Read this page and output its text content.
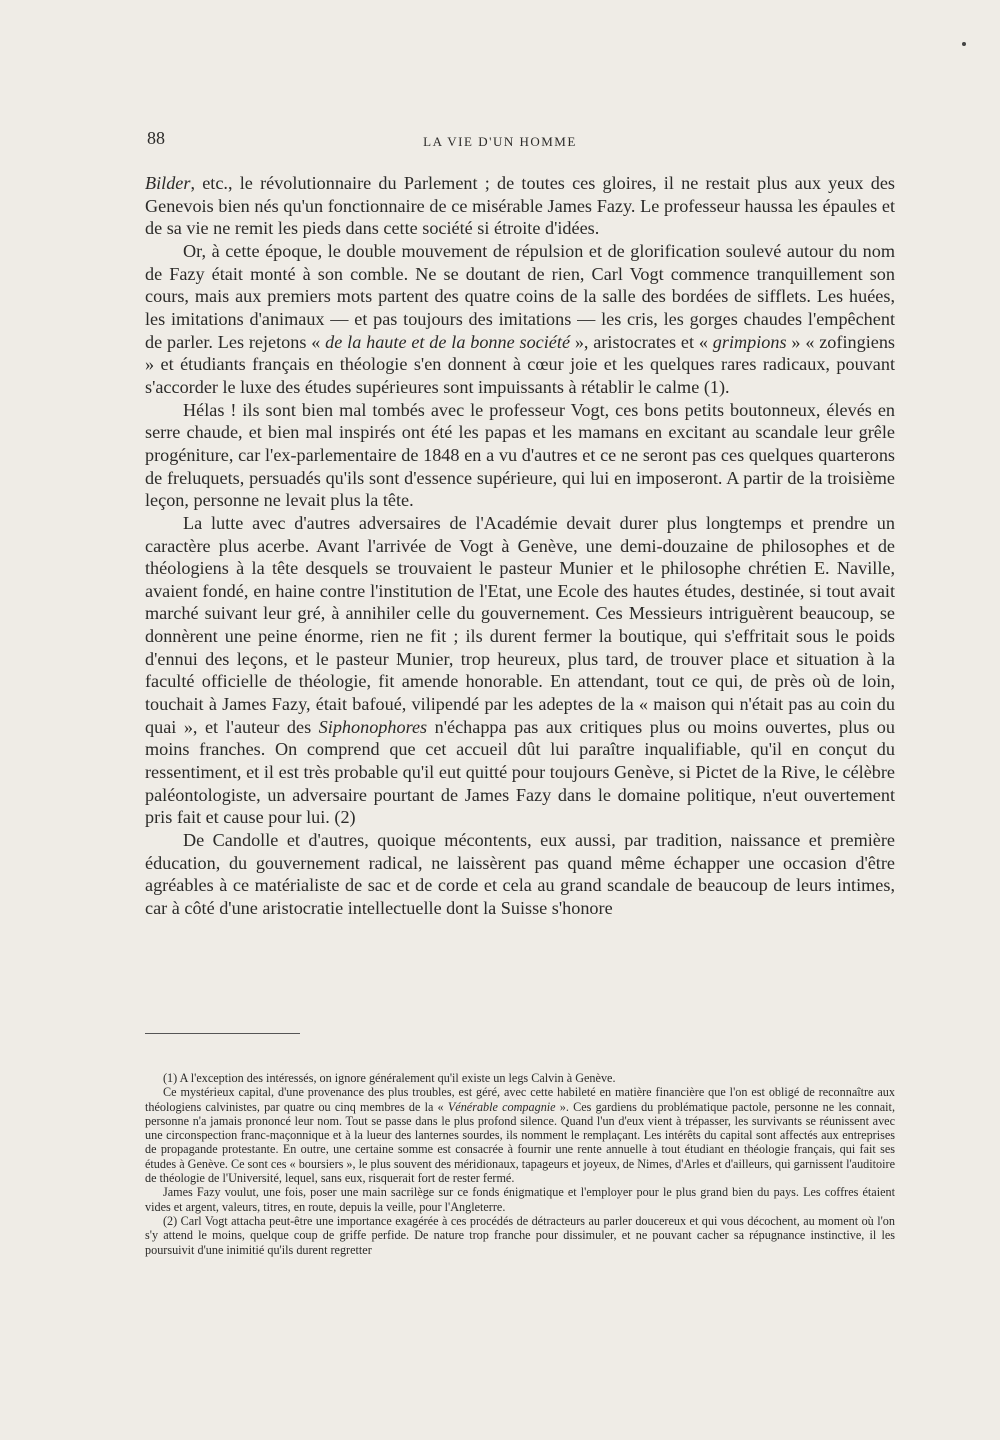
88	LA VIE D'UN HOMME

Bilder, etc., le révolutionnaire du Parlement ; de toutes ces gloires, il ne restait plus aux yeux des Genevois bien nés qu'un fonctionnaire de ce misérable James Fazy. Le professeur haussa les épaules et de sa vie ne remit les pieds dans cette société si étroite d'idées.

Or, à cette époque, le double mouvement de répulsion et de glorification soulevé autour du nom de Fazy était monté à son comble. Ne se doutant de rien, Carl Vogt commence tranquillement son cours, mais aux premiers mots partent des quatre coins de la salle des bordées de sifflets. Les huées, les imitations d'animaux — et pas toujours des imitations — les cris, les gorges chaudes l'empêchent de parler. Les rejetons « de la haute et de la bonne société », aristocrates et « grimpions » « zofingiens » et étudiants français en théologie s'en donnent à cœur joie et les quelques rares radicaux, pouvant s'accorder le luxe des études supérieures sont impuissants à rétablir le calme (1).

Hélas ! ils sont bien mal tombés avec le professeur Vogt, ces bons petits boutonneux, élevés en serre chaude, et bien mal inspirés ont été les papas et les mamans en excitant au scandale leur grêle progéniture, car l'ex-parlementaire de 1848 en a vu d'autres et ce ne seront pas ces quelques quarterons de freluquets, persuadés qu'ils sont d'essence supérieure, qui lui en imposeront. A partir de la troisième leçon, personne ne levait plus la tête.

La lutte avec d'autres adversaires de l'Académie devait durer plus longtemps et prendre un caractère plus acerbe. Avant l'arrivée de Vogt à Genève, une demi-douzaine de philosophes et de théologiens à la tête desquels se trouvaient le pasteur Munier et le philosophe chrétien E. Naville, avaient fondé, en haine contre l'institution de l'Etat, une Ecole des hautes études, destinée, si tout avait marché suivant leur gré, à annihiler celle du gouvernement. Ces Messieurs intriguèrent beaucoup, se donnèrent une peine énorme, rien ne fit ; ils durent fermer la boutique, qui s'effritait sous le poids d'ennui des leçons, et le pasteur Munier, trop heureux, plus tard, de trouver place et situation à la faculté officielle de théologie, fit amende honorable. En attendant, tout ce qui, de près où de loin, touchait à James Fazy, était bafoué, vilipendé par les adeptes de la « maison qui n'était pas au coin du quai », et l'auteur des Siphonophores n'échappa pas aux critiques plus ou moins ouvertes, plus ou moins franches. On comprend que cet accueil dût lui paraître inqualifiable, qu'il en conçut du ressentiment, et il est très probable qu'il eut quitté pour toujours Genève, si Pictet de la Rive, le célèbre paléontologiste, un adversaire pourtant de James Fazy dans le domaine politique, n'eut ouvertement pris fait et cause pour lui. (2)

De Candolle et d'autres, quoique mécontents, eux aussi, par tradition, naissance et première éducation, du gouvernement radical, ne laissèrent pas quand même échapper une occasion d'être agréables à ce matérialiste de sac et de corde et cela au grand scandale de beaucoup de leurs intimes, car à côté d'une aristocratie intellectuelle dont la Suisse s'honore

(1) A l'exception des intéressés, on ignore généralement qu'il existe un legs Calvin à Genève.

Ce mystérieux capital, d'une provenance des plus troubles, est géré, avec cette habileté en matière financière que l'on est obligé de reconnaître aux théologiens calvinistes, par quatre ou cinq membres de la « Vénérable compagnie ». Ces gardiens du problématique pactole, personne ne les connait, personne n'a jamais prononcé leur nom. Tout se passe dans le plus profond silence. Quand l'un d'eux vient à trépasser, les survivants se réunissent avec une circonspection franc-maçonnique et à la lueur des lanternes sourdes, ils nomment le remplaçant. Les intérêts du capital sont affectés aux entreprises de propagande protestante. En outre, une certaine somme est consacrée à fournir une rente annuelle à tout étudiant en théologie français, qui fait ses études à Genève. Ce sont ces « boursiers », le plus souvent des méridionaux, tapageurs et joyeux, de Nimes, d'Arles et d'ailleurs, qui garnissent l'auditoire de théologie de l'Université, lequel, sans eux, risquerait fort de rester fermé.

James Fazy voulut, une fois, poser une main sacrilège sur ce fonds énigmatique et l'employer pour le plus grand bien du pays. Les coffres étaient vides et argent, valeurs, titres, en route, depuis la veille, pour l'Angleterre.

(2) Carl Vogt attacha peut-être une importance exagérée à ces procédés de détracteurs au parler doucereux et qui vous décochent, au moment où l'on s'y attend le moins, quelque coup de griffe perfide. De nature trop franche pour dissimuler, et ne pouvant cacher sa répugnance instinctive, il les poursuivit d'une inimitié qu'ils durent regretter
